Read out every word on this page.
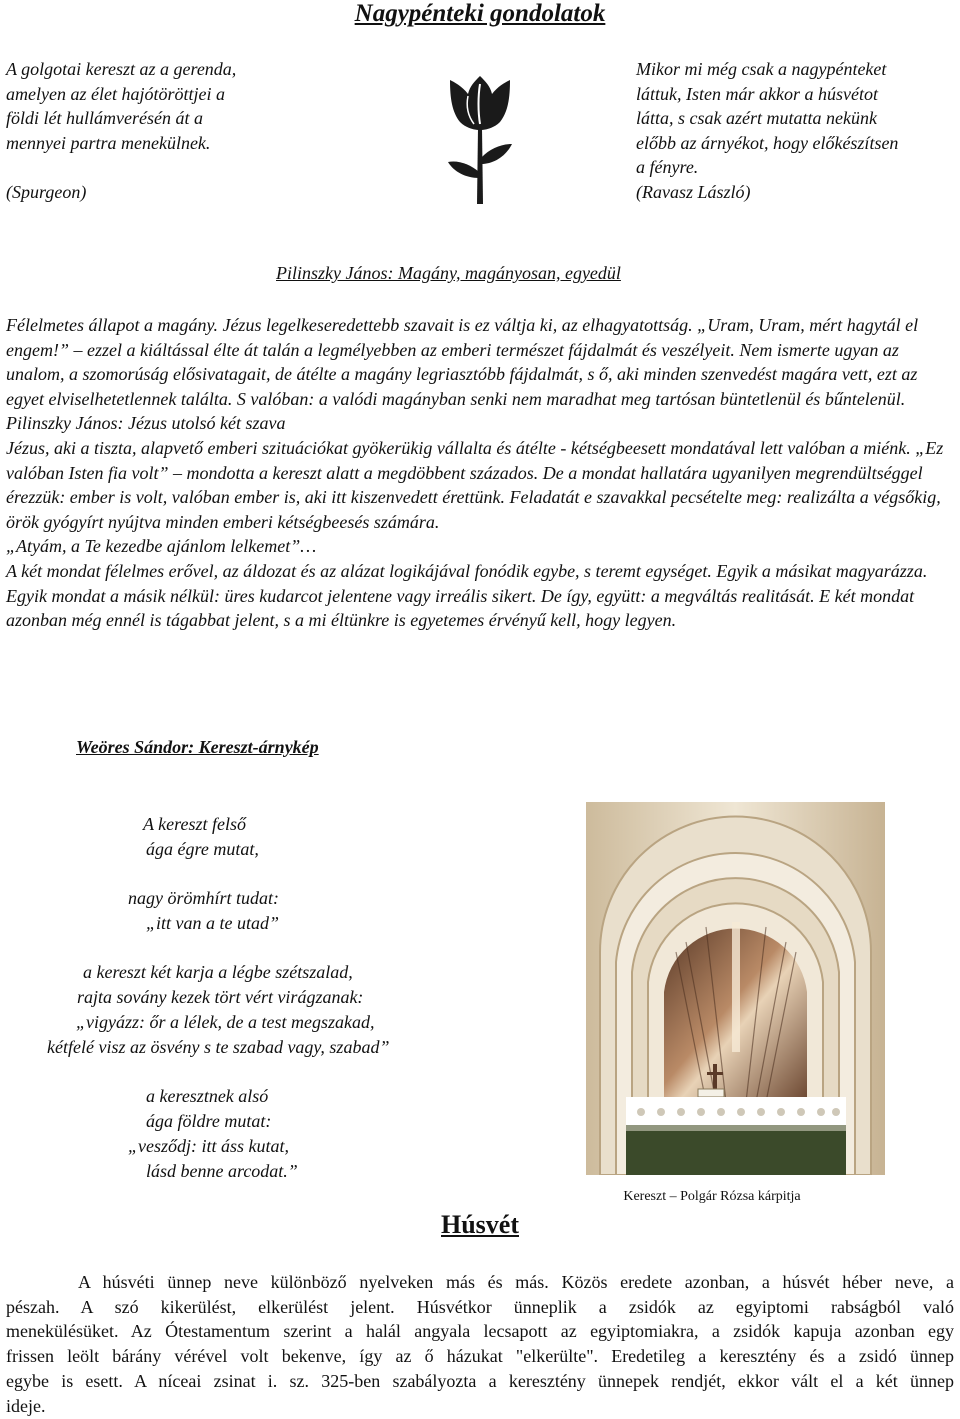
Nagypénteki gondolatok
A golgotai kereszt az a gerenda,
amelyen az élet hajótöröttjei a
földi lét hullámverésén át a
mennyei partra menekülnek.
(Spurgeon)
Mikor mi még csak a nagypénteket
láttuk, Isten már akkor a húsvétot
látta, s csak azért mutatta nekünk
előbb az árnyékot, hogy előkészítsen
a fényre.
(Ravasz László)
Pilinszky János: Magány, magányosan, egyedül

Félelmetes állapot a magány. Jézus legelkeseredettebb szavait is ez váltja ki, az elhagyatottság. „Uram, Uram, mért hagytál el engem!” – ezzel a kiáltással élte át talán a legmélyebben az emberi természet fájdalmát és veszélyeit. Nem ismerte ugyan az unalom, a szomorúság elősivatagait, de átélte a magány legriasztóbb fájdalmát, s ő, aki minden szenvedést magára vett, ezt az egyet elviselhetetlennek találta. S valóban: a valódi magányban senki nem maradhat meg tartósan büntetlenül és bűntelenül.

Pilinszky János: Jézus utolsó két szava

Jézus, aki a tiszta, alapvető emberi szituációkat gyökerükig vállalta és átélte - kétségbeesett mondatával lett valóban a miénk. „Ez valóban Isten fia volt” – mondotta a kereszt alatt a megdöbbent százados. De a mondat hallatára ugyanilyen megrendültséggel érezzük: ember is volt, valóban ember is, aki itt kiszenvedett érettünk. Feladatát e szavakkal pecsételte meg: realizálta a végsőkig, örök gyógyírt nyújtva minden emberi kétségbeesés számára.

„Atyám, a Te kezedbe ajánlom lelkemet”…

A két mondat félelmes erővel, az áldozat és az alázat logikájával fonódik egybe, s teremt egységet. Egyik a másikat magyarázza. Egyik mondat a másik nélkül: üres kudarcot jelentene vagy irreális sikert. De így, együtt: a megváltás realitását. E két mondat azonban még ennél is tágabbat jelent, s a mi éltünkre is egyetemes érvényű kell, hogy legyen.

Weöres Sándor: Kereszt-árnykép
A kereszt felső
ága égre mutat,
nagy örömhírt tudat:
„itt van a te utad”
a kereszt két karja a légbe szétszalad,
rajta sovány kezek tört vért virágzanak:
„vigyázz: őr a lélek, de a test megszakad,
kétfelé visz az ösvény s te szabad vagy, szabad”
a keresztnek alsó
ága földre mutat:
„vesződj: itt áss kutat,
lásd benne arcodat.”
Kereszt – Polgár Rózsa kárpitja
Húsvét
A húsvéti ünnep neve különböző nyelveken más és más. Közös eredete azonban, a húsvét héber neve, a
pészah. A szó kikerülést, elkerülést jelent. Húsvétkor ünneplik a zsidók az egyiptomi rabságból való
menekülésüket. Az Ótestamentum szerint a halál angyala lecsapott az egyiptomiakra, a zsidók kapuja azonban egy
frissen leölt bárány vérével volt bekenve, így az ő házukat "elkerülte". Eredetileg a keresztény és a zsidó ünnep
egybe is esett. A níceai zsinat i. sz. 325-ben szabályozta a keresztény ünnepek rendjét, ekkor vált el a két ünnep
ideje.
